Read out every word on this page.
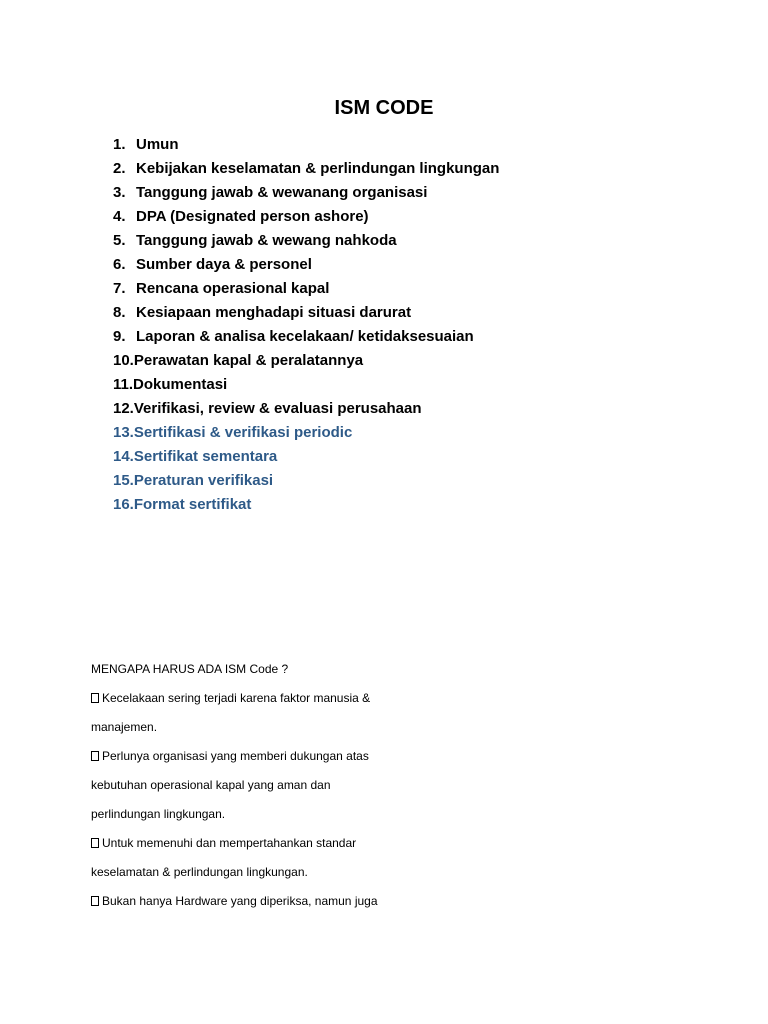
ISM CODE
1. Umun
2. Kebijakan keselamatan & perlindungan lingkungan
3. Tanggung jawab & wewanang organisasi
4. DPA (Designated person ashore)
5. Tanggung jawab & wewang nahkoda
6. Sumber daya & personel
7. Rencana operasional kapal
8. Kesiapaan menghadapi situasi darurat
9. Laporan & analisa kecelakaan/ ketidaksesuaian
10.Perawatan kapal & peralatannya
11.Dokumentasi
12.Verifikasi, review & evaluasi perusahaan
13.Sertifikasi & verifikasi periodic
14.Sertifikat sementara
15.Peraturan verifikasi
16.Format sertifikat

MENGAPA HARUS ADA ISM Code ?

Kecelakaan sering terjadi karena faktor manusia &

manajemen.

Perlunya organisasi yang memberi dukungan atas

kebutuhan operasional kapal yang aman dan

perlindungan lingkungan.

Untuk memenuhi dan mempertahankan standar

keselamatan & perlindungan lingkungan.

Bukan hanya Hardware yang diperiksa, namun juga
